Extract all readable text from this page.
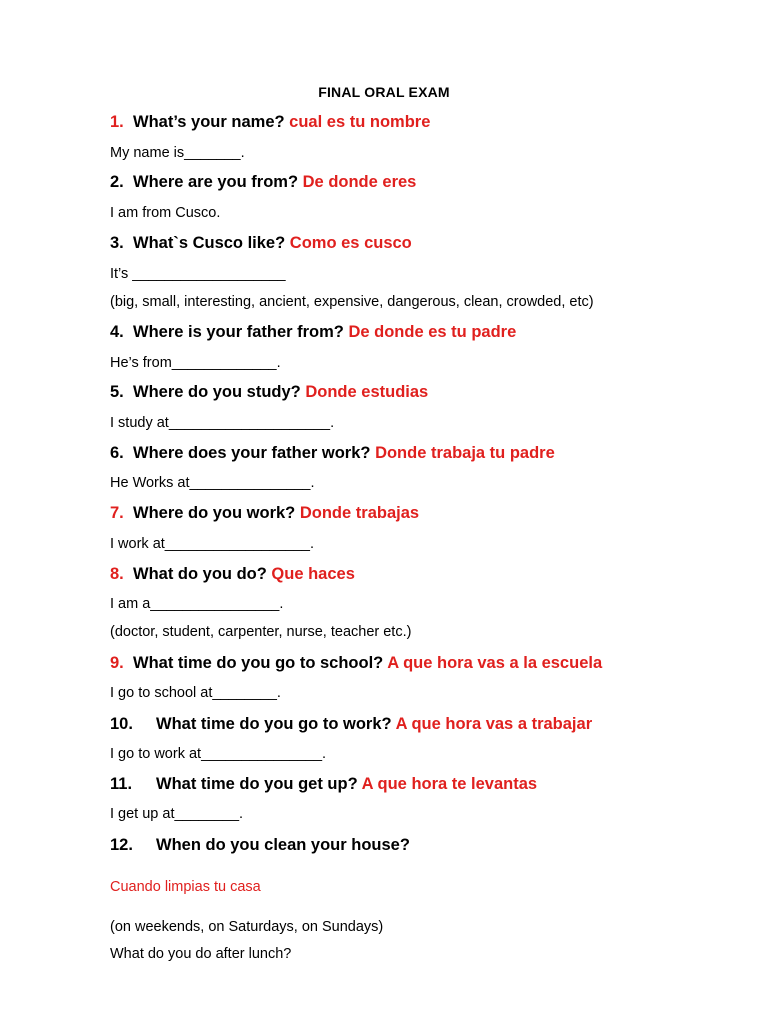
FINAL ORAL EXAM
1. What’s your name? cual es tu nombre
My name is_______.
2. Where are you from? De donde eres
I am from Cusco.
3. What`s Cusco like? Como es cusco
It’s ___________________
(big, small, interesting, ancient, expensive, dangerous, clean, crowded, etc)
4. Where is your father from? De donde es tu padre
He’s from_____________.
5. Where do you study? Donde estudias
I study at____________________.
6. Where does your father work? Donde trabaja tu padre
He Works at_______________.
7. Where do you work? Donde trabajas
I work at__________________.
8. What do you do? Que haces
I am a________________.
(doctor, student, carpenter, nurse, teacher etc.)
9. What time do you go to school? A que hora vas a la escuela
I go to school at________.
10. What time do you go to work? A que hora vas a trabajar
I go to work at_______________.
11. What time do you get up? A que hora te levantas
I get up at________.
12. When do you clean your house?
Cuando limpias tu casa
(on weekends, on Saturdays, on Sundays)
What do you do after lunch?
